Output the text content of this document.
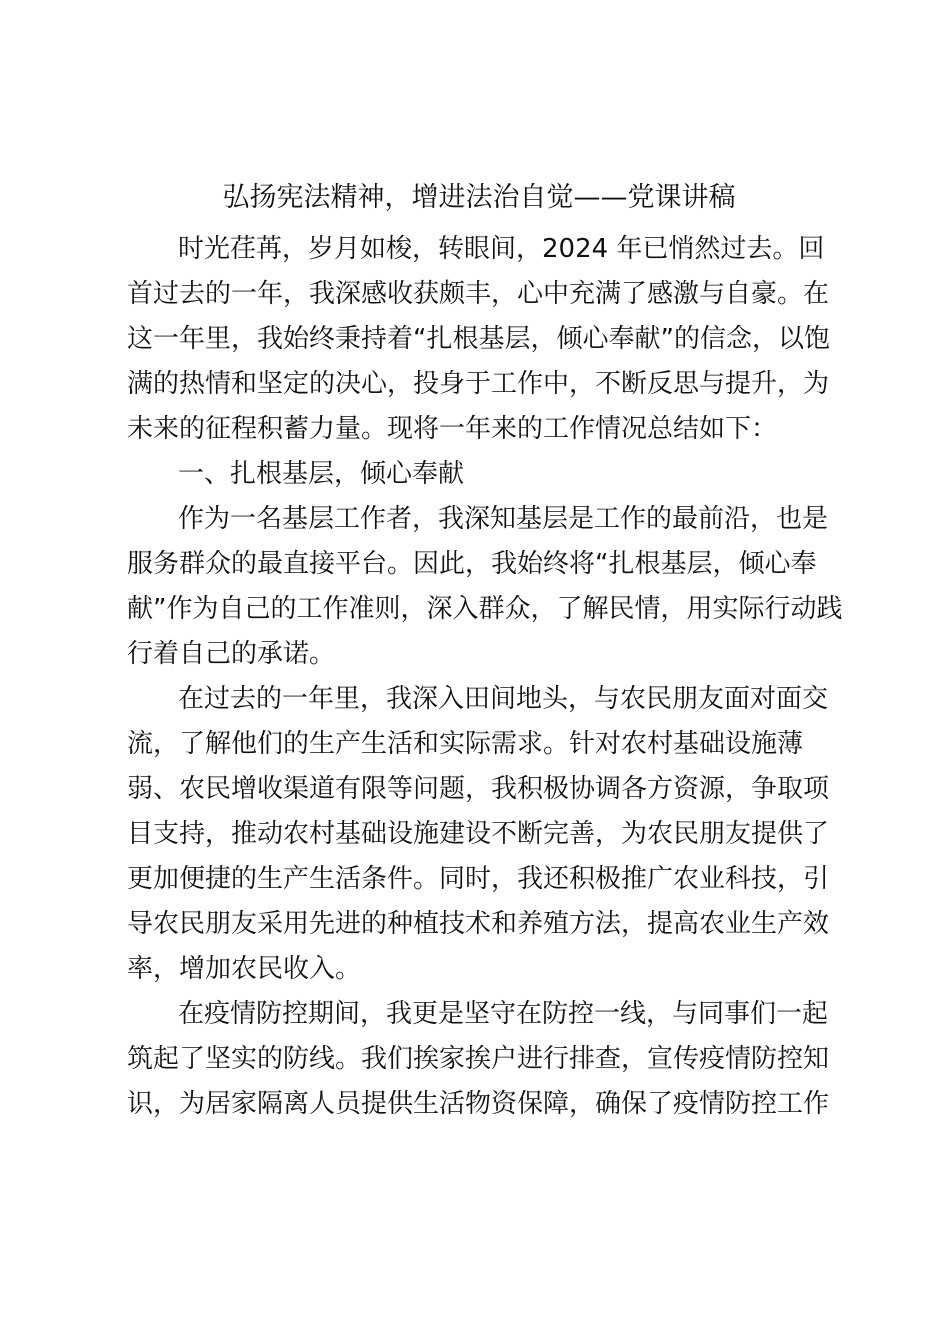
弘扬宪法精神，增进法治自觉——党课讲稿
时光荏苒，岁月如梭，转眼间，2024 年已悄然过去。回
首过去的一年，我深感收获颇丰，心中充满了感激与自豪。在
这一年里，我始终秉持着“扎根基层，倾心奉献”的信念，以饱
满的热情和坚定的决心，投身于工作中，不断反思与提升，为
未来的征程积蓄力量。现将一年来的工作情况总结如下：
一、扎根基层，倾心奉献
作为一名基层工作者，我深知基层是工作的最前沿，也是
服务群众的最直接平台。因此，我始终将“扎根基层，倾心奉
献”作为自己的工作准则，深入群众，了解民情，用实际行动践
行着自己的承诺。
在过去的一年里，我深入田间地头，与农民朋友面对面交
流，了解他们的生产生活和实际需求。针对农村基础设施薄
弱、农民增收渠道有限等问题，我积极协调各方资源，争取项
目支持，推动农村基础设施建设不断完善，为农民朋友提供了
更加便捷的生产生活条件。同时，我还积极推广农业科技，引
导农民朋友采用先进的种植技术和养殖方法，提高农业生产效
率，增加农民收入。
在疫情防控期间，我更是坚守在防控一线，与同事们一起
筑起了坚实的防线。我们挨家挨户进行排查，宣传疫情防控知
识，为居家隔离人员提供生活物资保障，确保了疫情防控工作
